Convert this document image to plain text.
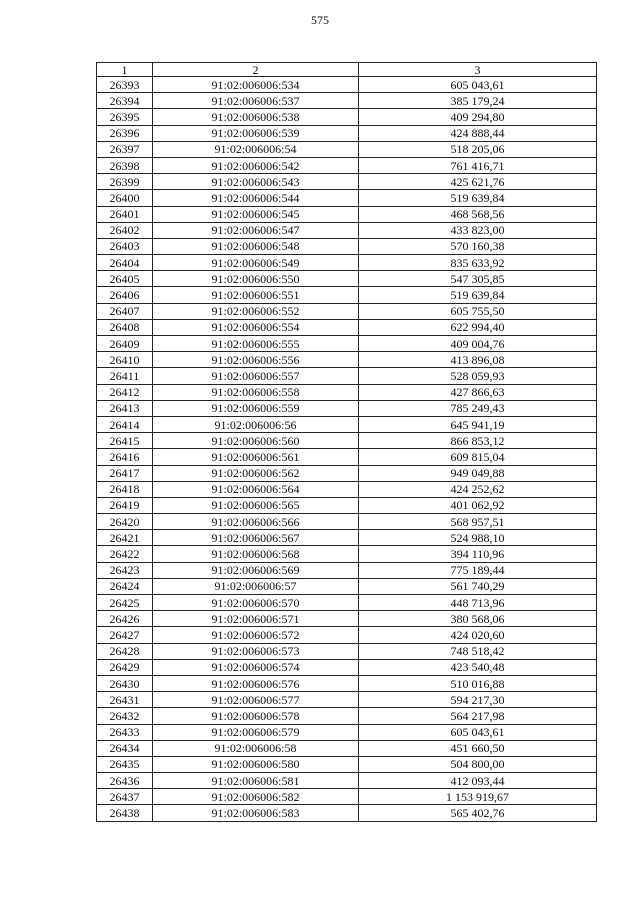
575
1	2	3
26393	91:02:006006:534	605 043,61
26394	91:02:006006:537	385 179,24
26395	91:02:006006:538	409 294,80
26396	91:02:006006:539	424 888,44
26397	91:02:006006:54	518 205,06
26398	91:02:006006:542	761 416,71
26399	91:02:006006:543	425 621,76
26400	91:02:006006:544	519 639,84
26401	91:02:006006:545	468 568,56
26402	91:02:006006:547	433 823,00
26403	91:02:006006:548	570 160,38
26404	91:02:006006:549	835 633,92
26405	91:02:006006:550	547 305,85
26406	91:02:006006:551	519 639,84
26407	91:02:006006:552	605 755,50
26408	91:02:006006:554	622 994,40
26409	91:02:006006:555	409 004,76
26410	91:02:006006:556	413 896,08
26411	91:02:006006:557	528 059,93
26412	91:02:006006:558	427 866,63
26413	91:02:006006:559	785 249,43
26414	91:02:006006:56	645 941,19
26415	91:02:006006:560	866 853,12
26416	91:02:006006:561	609 815,04
26417	91:02:006006:562	949 049,88
26418	91:02:006006:564	424 252,62
26419	91:02:006006:565	401 062,92
26420	91:02:006006:566	568 957,51
26421	91:02:006006:567	524 988,10
26422	91:02:006006:568	394 110,96
26423	91:02:006006:569	775 189,44
26424	91:02:006006:57	561 740,29
26425	91:02:006006:570	448 713,96
26426	91:02:006006:571	380 568,06
26427	91:02:006006:572	424 020,60
26428	91:02:006006:573	748 518,42
26429	91:02:006006:574	423 540,48
26430	91:02:006006:576	510 016,88
26431	91:02:006006:577	594 217,30
26432	91:02:006006:578	564 217,98
26433	91:02:006006:579	605 043,61
26434	91:02:006006:58	451 660,50
26435	91:02:006006:580	504 800,00
26436	91:02:006006:581	412 093,44
26437	91:02:006006:582	1 153 919,67
26438	91:02:006006:583	565 402,76
